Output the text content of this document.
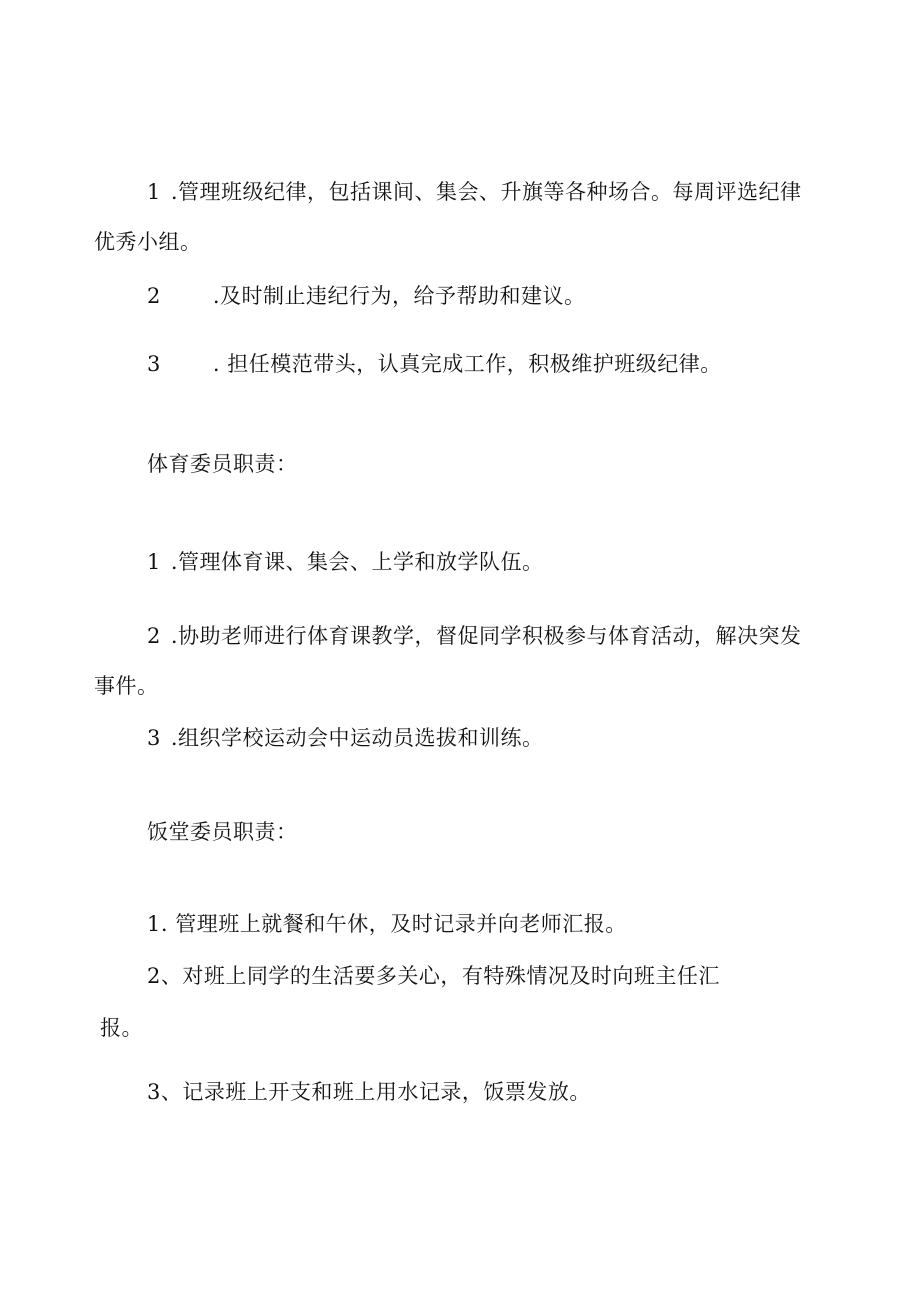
1 .管理班级纪律，包括课间、集会、升旗等各种场合。每周评选纪律
优秀小组。
2 .及时制止违纪行为，给予帮助和建议。
3 . 担任模范带头，认真完成工作，积极维护班级纪律。
体育委员职责：
1 .管理体育课、集会、上学和放学队伍。
2 .协助老师进行体育课教学，督促同学积极参与体育活动，解决突发
事件。
3 .组织学校运动会中运动员选拔和训练。
饭堂委员职责：
1. 管理班上就餐和午休，及时记录并向老师汇报。
2、对班上同学的生活要多关心，有特殊情况及时向班主任汇
报。
3、记录班上开支和班上用水记录，饭票发放。
